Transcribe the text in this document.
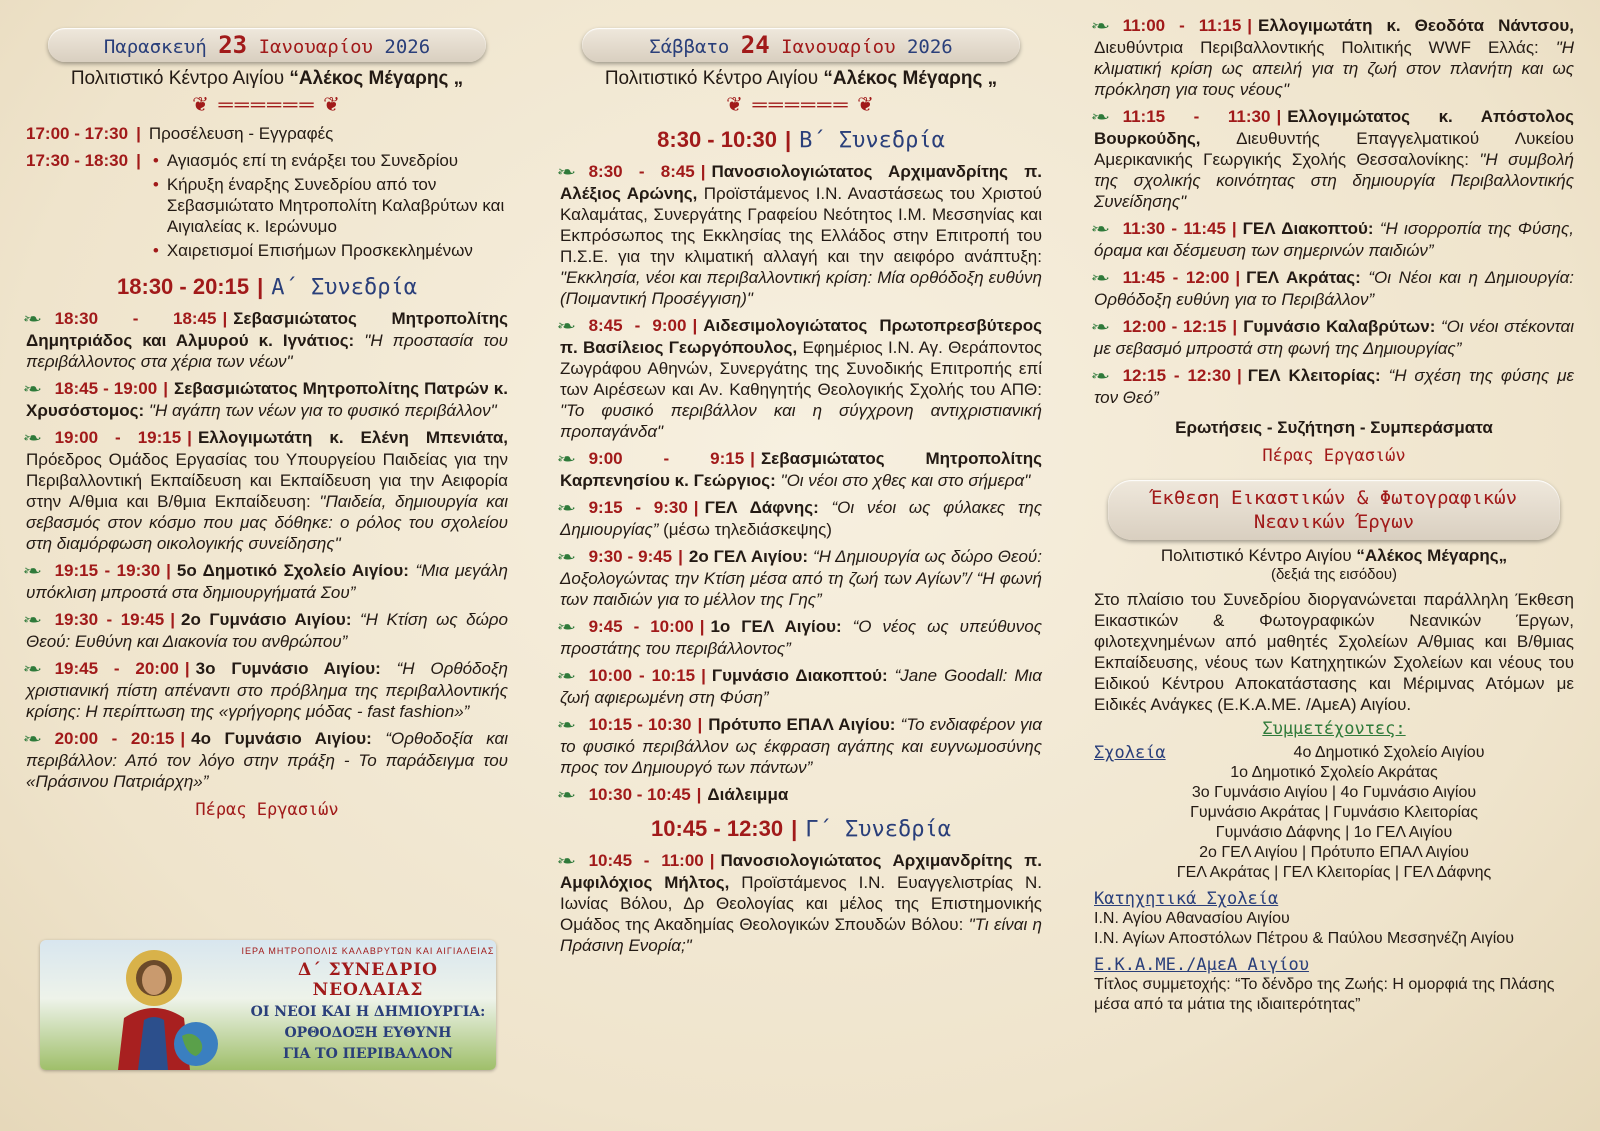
Παρασκευή 23 Ιανουαρίου 2026
Πολιτιστικό Κέντρο Αιγίου “Αλέκος Μέγαρης „
❦ ══════ ❦
17:00 - 17:30 | Προσέλευση - Εγγραφές
17:30 - 18:30 |
•	Αγιασμός επί τη ενάρξει του Συνεδρίου
• Κήρυξη έναρξης Συνεδρίου από τον Σεβασμιώτατο Μητροπολίτη Καλαβρύτων και Αιγιαλείας κ. Ιερώνυμο
• Χαιρετισμοί Επισήμων Προσκεκλημένων
18:30 - 20:15 | Α΄ Συνεδρία
❧ 18:30 - 18:45 | Σεβασμιώτατος Μητροπολίτης Δημητριάδος και Αλμυρού κ. Ιγνάτιος: "Η προστασία του περιβάλλοντος στα χέρια των νέων"
❧ 18:45 - 19:00 | Σεβασμιώτατος Μητροπολίτης Πατρών κ. Χρυσόστομος: "Η αγάπη των νέων για το φυσικό περιβάλλον"
❧ 19:00 - 19:15 | Ελλογιμωτάτη κ. Ελένη Μπενιάτα, Πρόεδρος Ομάδος Εργασίας του Υπουργείου Παιδείας για την Περιβαλλοντική Εκπαίδευση και Εκπαίδευση για την Αειφορία στην Α/θμια και Β/θμια Εκπαίδευση: "Παιδεία, δημιουργία και σεβασμός στον κόσμο που μας δόθηκε: ο ρόλος του σχολείου στη διαμόρφωση οικολογικής συνείδησης"
❧ 19:15 - 19:30 | 5ο Δημοτικό Σχολείο Αιγίου: “Μια μεγάλη υπόκλιση μπροστά στα δημιουργήματά Σου”
❧ 19:30 - 19:45 | 2ο Γυμνάσιο Αιγίου: “Η Κτίση ως δώρο Θεού: Ευθύνη και Διακονία του ανθρώπου”
❧ 19:45 - 20:00 | 3ο Γυμνάσιο Αιγίου: “Η Ορθόδοξη χριστιανική πίστη απέναντι στο πρόβλημα της περιβαλλοντικής κρίσης: Η περίπτωση της «γρήγορης μόδας - fast fashion»”
❧ 20:00 - 20:15 | 4ο Γυμνάσιο Αιγίου: “Ορθοδοξία και περιβάλλον: Από τον λόγο στην πράξη - Το παράδειγμα του «Πράσινου Πατριάρχη»”
Πέρας Εργασιών
ΙΕΡΑ ΜΗΤΡΟΠΟΛΙΣ ΚΑΛΑΒΡΥΤΩΝ ΚΑΙ ΑΙΓΙΑΛΕΙΑΣ
Δ΄ ΣΥΝΕΔΡΙΟ ΝΕΟΛΑΙΑΣ
ΟΙ ΝΕΟΙ ΚΑΙ Η ΔΗΜΙΟΥΡΓΙΑ:
ΟΡΘΟΔΟΞΗ ΕΥΘΥΝΗ
ΓΙΑ ΤΟ ΠΕΡΙΒΑΛΛΟΝ
Σάββατο 24 Ιανουαρίου 2026
Πολιτιστικό Κέντρο Αιγίου “Αλέκος Μέγαρης „
❦ ══════ ❦
8:30 - 10:30 | Β΄ Συνεδρία
❧ 8:30 - 8:45 | Πανοσιολογιώτατος Αρχιμανδρίτης π. Αλέξιος Αρώνης, Προϊστάμενος Ι.Ν. Αναστάσεως του Χριστού Καλαμάτας, Συνεργάτης Γραφείου Νεότητος Ι.Μ. Μεσσηνίας και Εκπρόσωπος της Εκκλησίας της Ελλάδος στην Επιτροπή του Π.Σ.Ε. για την κλιματική αλλαγή και την αειφόρο ανάπτυξη: "Εκκλησία, νέοι και περιβαλλοντική κρίση: Μία ορθόδοξη ευθύνη (Ποιμαντική Προσέγγιση)"
❧ 8:45 - 9:00 | Αιδεσιμολογιώτατος Πρωτοπρεσβύτερος π. Βασίλειος Γεωργόπουλος, Εφημέριος Ι.Ν. Αγ. Θεράποντος Ζωγράφου Αθηνών, Συνεργάτης της Συνοδικής Επιτροπής επί των Αιρέσεων και Αν. Καθηγητής Θεολογικής Σχολής του ΑΠΘ: "Το φυσικό περιβάλλον και η σύγχρονη αντιχριστιανική προπαγάνδα"
❧ 9:00 - 9:15 | Σεβασμιώτατος Μητροπολίτης Καρπενησίου κ. Γεώργιος: "Οι νέοι στο χθες και στο σήμερα"
❧ 9:15 - 9:30 | ΓΕΛ Δάφνης: “Οι νέοι ως φύλακες της Δημιουργίας” (μέσω τηλεδιάσκεψης)
❧ 9:30 - 9:45 | 2ο ΓΕΛ Αιγίου: “Η Δημιουργία ως δώρο Θεού: Δοξολογώντας την Κτίση μέσα από τη ζωή των Αγίων”/ “Η φωνή των παιδιών για το μέλλον της Γης”
❧ 9:45 - 10:00 | 1ο ΓΕΛ Αιγίου: “Ο νέος ως υπεύθυνος προστάτης του περιβάλλοντος”
❧ 10:00 - 10:15 | Γυμνάσιο Διακοπτού: “Jane Goodall: Μια ζωή αφιερωμένη στη Φύση”
❧ 10:15 - 10:30 | Πρότυπο ΕΠΑΛ Αιγίου: “Το ενδιαφέρον για το φυσικό περιβάλλον ως έκφραση αγάπης και ευγνωμοσύνης προς τον Δημιουργό των πάντων”
❧ 10:30 - 10:45 | Διάλειμμα
10:45 - 12:30 | Γ΄ Συνεδρία
❧ 10:45 - 11:00 | Πανοσιολογιώτατος Αρχιμανδρίτης π. Αμφιλόχιος Μήλτος, Προϊστάμενος Ι.Ν. Ευαγγελιστρίας Ν. Ιωνίας Βόλου, Δρ Θεολογίας και μέλος της Επιστημονικής Ομάδος της Ακαδημίας Θεολογικών Σπουδών Βόλου: "Τι είναι η Πράσινη Ενορία;"
❧ 11:00 - 11:15 | Ελλογιμωτάτη κ. Θεοδότα Νάντσου, Διευθύντρια Περιβαλλοντικής Πολιτικής WWF Ελλάς: "Η κλιματική κρίση ως απειλή για τη ζωή στον πλανήτη και ως πρόκληση για τους νέους"
❧ 11:15 - 11:30 | Ελλογιμώτατος κ. Απόστολος Βουρκούδης, Διευθυντής Επαγγελματικού Λυκείου Αμερικανικής Γεωργικής Σχολής Θεσσαλονίκης: "Η συμβολή της σχολικής κοινότητας στη δημιουργία Περιβαλλοντικής Συνείδησης"
❧ 11:30 - 11:45 | ΓΕΛ Διακοπτού: “Η ισορροπία της Φύσης, όραμα και δέσμευση των σημερινών παιδιών”
❧ 11:45 - 12:00 | ΓΕΛ Ακράτας: “Οι Νέοι και η Δημιουργία: Ορθόδοξη ευθύνη για το Περιβάλλον”
❧ 12:00 - 12:15 | Γυμνάσιο Καλαβρύτων: “Οι νέοι στέκονται με σεβασμό μπροστά στη φωνή της Δημιουργίας”
❧ 12:15 - 12:30 | ΓΕΛ Κλειτορίας: “Η σχέση της φύσης με τον Θεό”
Ερωτήσεις - Συζήτηση - Συμπεράσματα
Πέρας Εργασιών
Έκθεση Εικαστικών & Φωτογραφικών
Νεανικών Έργων
Πολιτιστικό Κέντρο Αιγίου “Αλέκος Μέγαρης„
(δεξιά της εισόδου)
Στο πλαίσιο του Συνεδρίου διοργανώνεται παράλληλη Έκθεση Εικαστικών & Φωτογραφικών Νεανικών Έργων, φιλοτεχνημένων από μαθητές Σχολείων Α/θμιας και Β/θμιας Εκπαίδευσης, νέους των Κατηχητικών Σχολείων και νέους του Ειδικού Κέντρου Αποκατάστασης και Μέριμνας Ατόμων με Ειδικές Ανάγκες (Ε.Κ.Α.ΜΕ. /ΑμεΑ) Αιγίου.
Συμμετέχοντες:
Σχολεία	4ο Δημοτικό Σχολείο Αιγίου
1ο Δημοτικό Σχολείο Ακράτας
3ο Γυμνάσιο Αιγίου | 4ο Γυμνάσιο Αιγίου
Γυμνάσιο Ακράτας | Γυμνάσιο Κλειτορίας
Γυμνάσιο Δάφνης | 1ο ΓΕΛ Αιγίου
2ο ΓΕΛ Αιγίου | Πρότυπο ΕΠΑΛ Αιγίου
ΓΕΛ Ακράτας | ΓΕΛ Κλειτορίας | ΓΕΛ Δάφνης
Κατηχητικά Σχολεία
Ι.Ν. Αγίου Αθανασίου Αιγίου
Ι.Ν. Αγίων Αποστόλων Πέτρου & Παύλου Μεσσηνέζη Αιγίου
Ε.Κ.Α.ΜΕ./ΑμεΑ Αιγίου
Τίτλος συμμετοχής: “Το δένδρο της Ζωής: Η ομορφιά της Πλάσης μέσα από τα μάτια της ιδιαιτερότητας”
